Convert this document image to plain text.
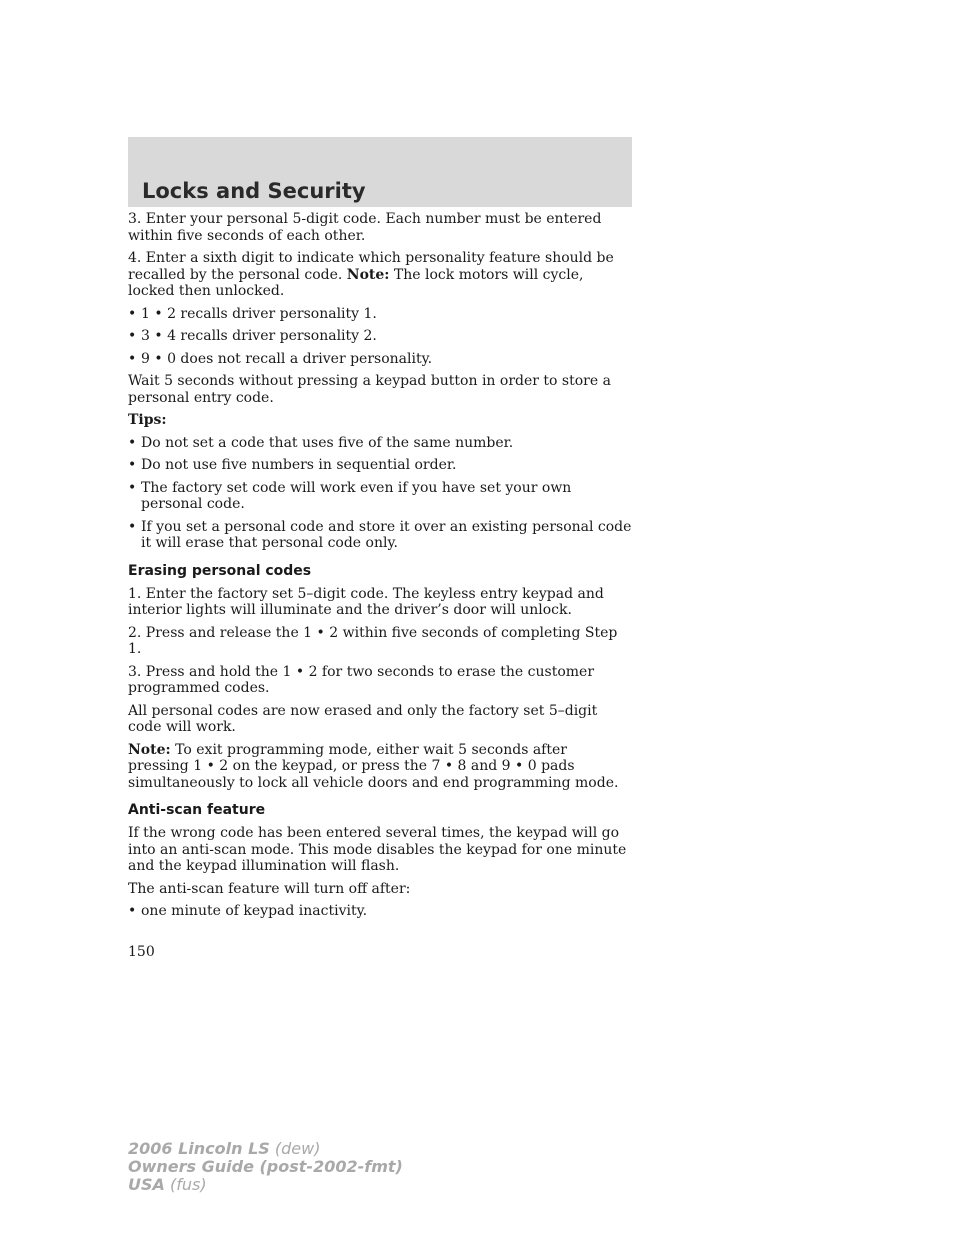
Locks and Security

3. Enter your personal 5-digit code. Each number must be entered within five seconds of each other.

4. Enter a sixth digit to indicate which personality feature should be recalled by the personal code. Note: The lock motors will cycle, locked then unlocked.

• 1 • 2 recalls driver personality 1.
• 3 • 4 recalls driver personality 2.
• 9 • 0 does not recall a driver personality.

Wait 5 seconds without pressing a keypad button in order to store a personal entry code.

Tips:

• Do not set a code that uses five of the same number.
• Do not use five numbers in sequential order.
• The factory set code will work even if you have set your own personal code.
• If you set a personal code and store it over an existing personal code it will erase that personal code only.
Erasing personal codes

1. Enter the factory set 5–digit code. The keyless entry keypad and interior lights will illuminate and the driver’s door will unlock.

2. Press and release the 1 • 2 within five seconds of completing Step 1.

3. Press and hold the 1 • 2 for two seconds to erase the customer programmed codes.

All personal codes are now erased and only the factory set 5–digit code will work.

Note: To exit programming mode, either wait 5 seconds after pressing 1 • 2 on the keypad, or press the 7 • 8 and 9 • 0 pads simultaneously to lock all vehicle doors and end programming mode.

Anti-scan feature

If the wrong code has been entered several times, the keypad will go into an anti-scan mode. This mode disables the keypad for one minute and the keypad illumination will flash.

The anti-scan feature will turn off after:

• one minute of keypad inactivity.
150
2006 Lincoln LS (dew)
Owners Guide (post-2002-fmt)
USA (fus)
